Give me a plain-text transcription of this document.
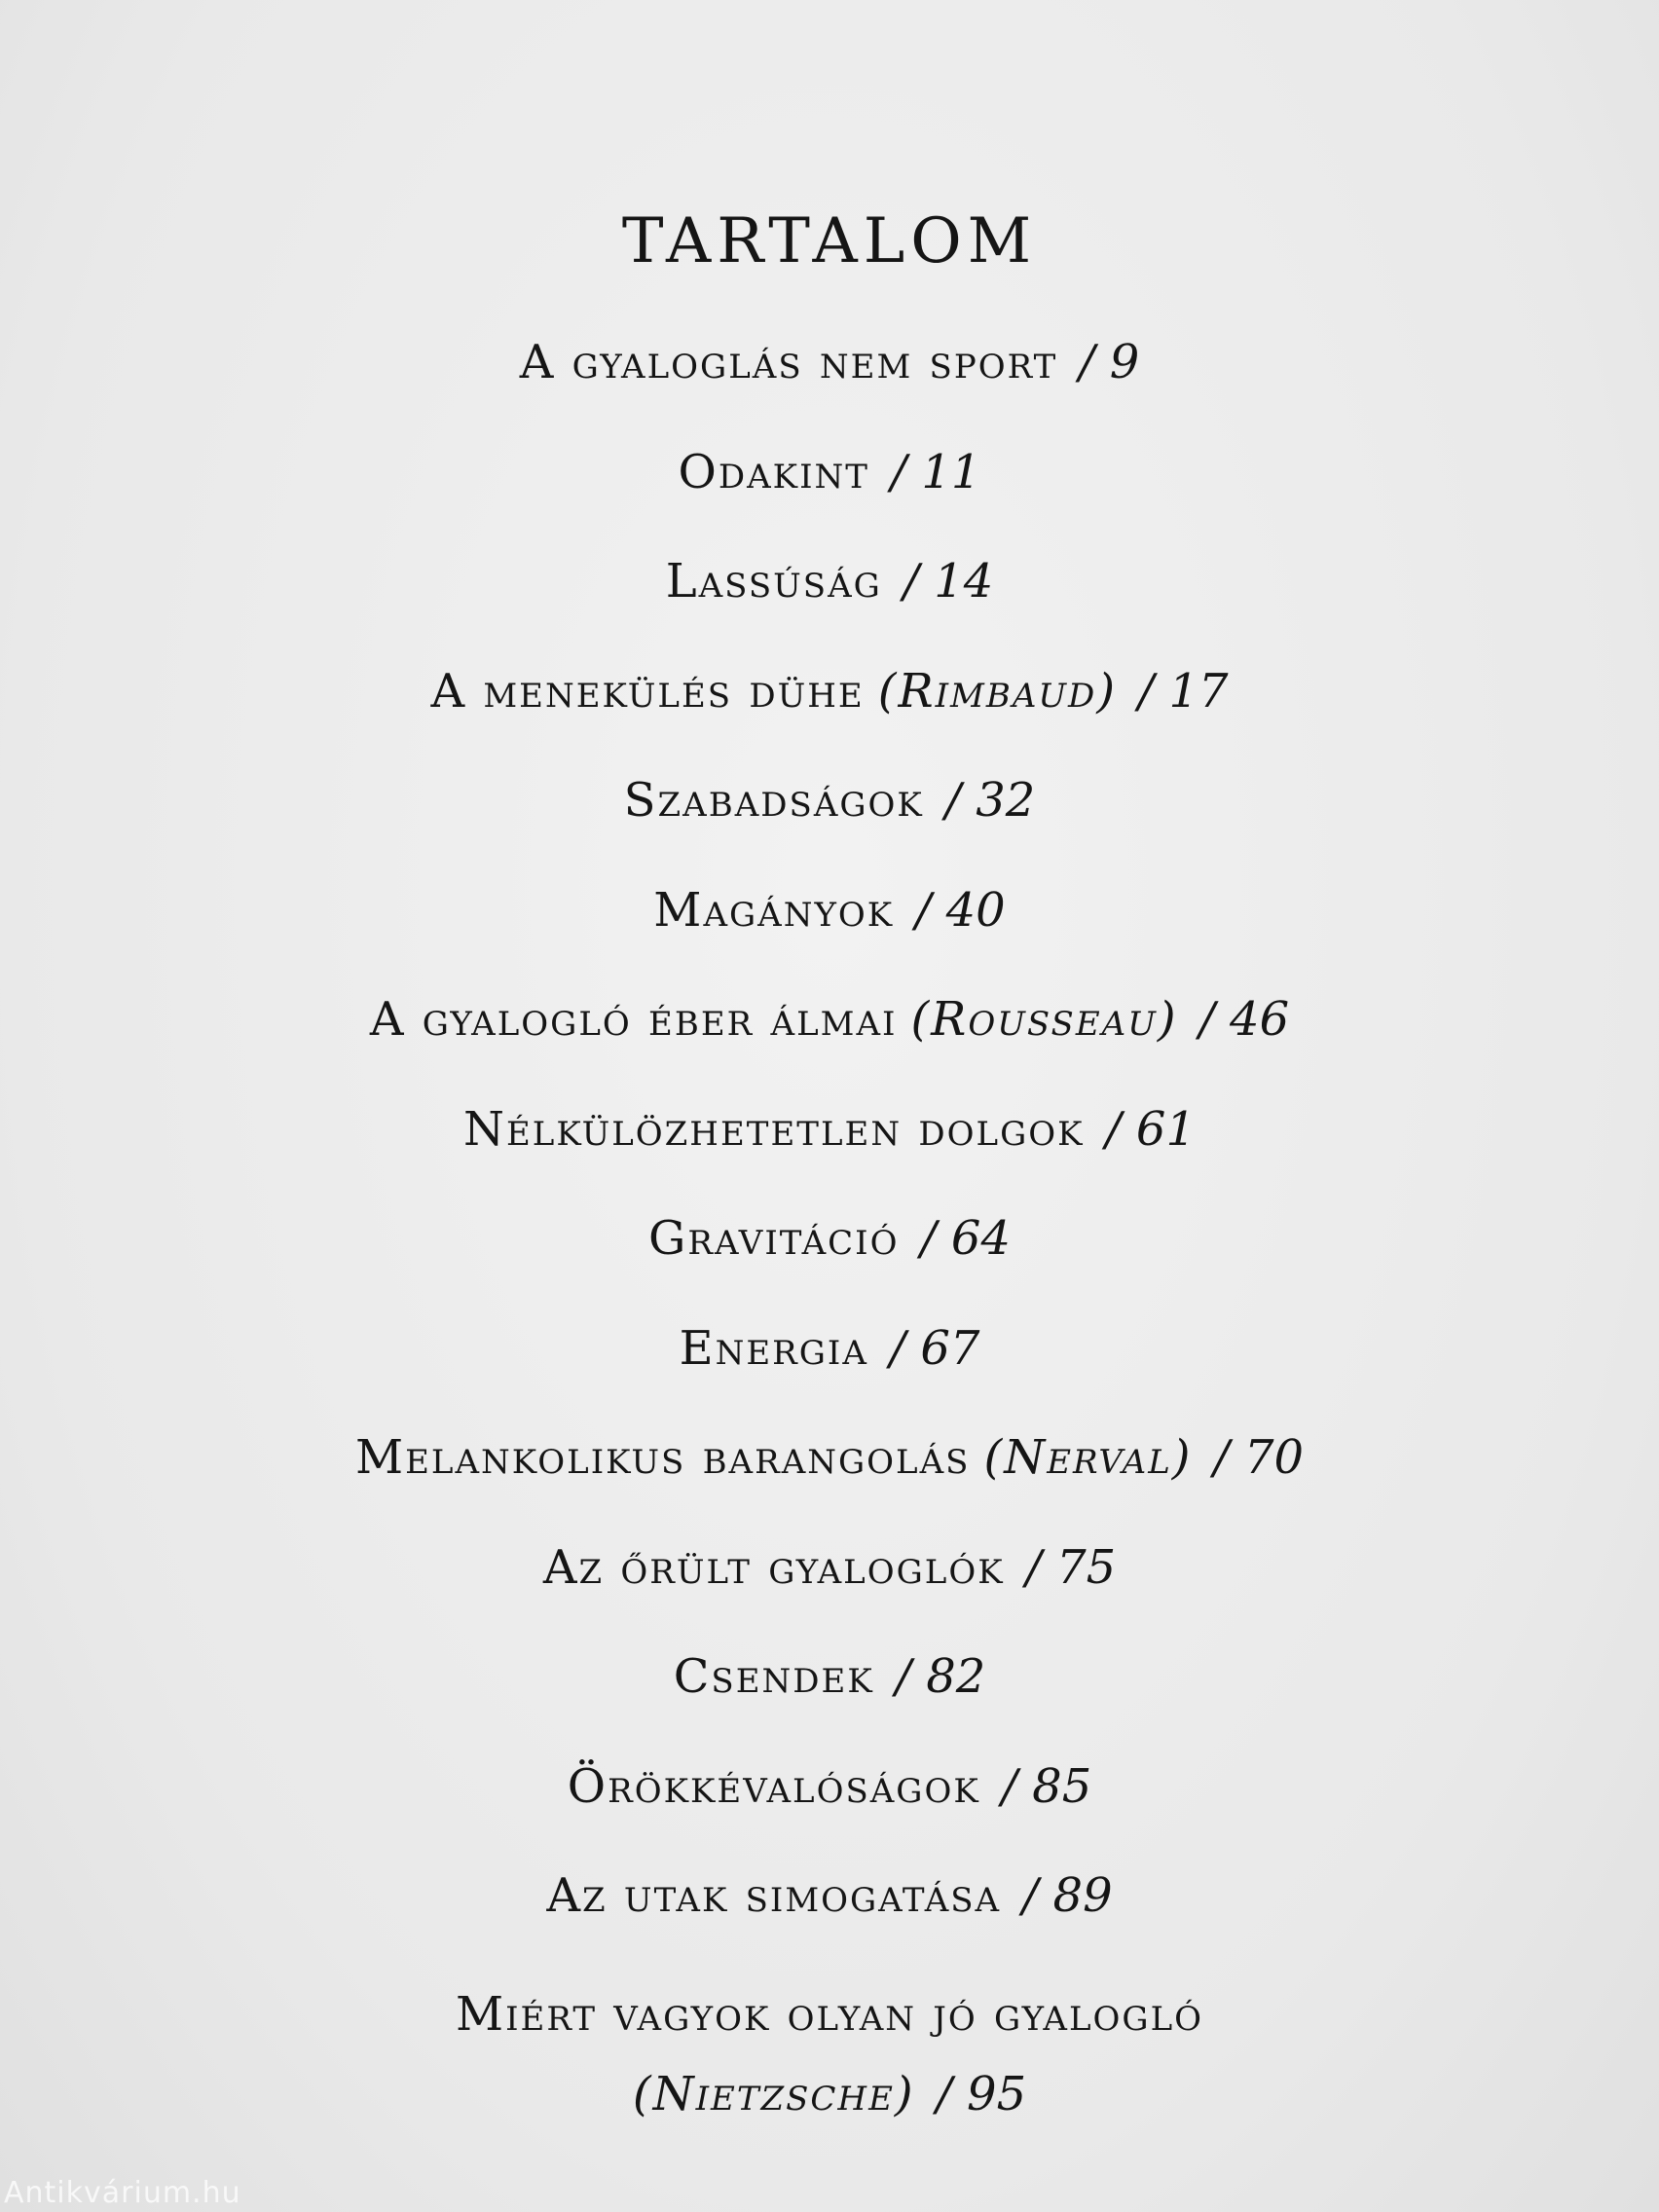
TARTALOM
A gyaloglás nem sport / 9
Odakint / 11
Lassúság / 14
A menekülés dühe (Rimbaud) / 17
Szabadságok / 32
Magányok / 40
A gyalogló éber álmai (Rousseau) / 46
Nélkülözhetetlen dolgok / 61
Gravitáció / 64
Energia / 67
Melankolikus barangolás (Nerval) / 70
Az őrült gyaloglók / 75
Csendek / 82
Örökkévalóságok / 85
Az utak simogatása / 89
Miért vagyok olyan jó gyalogló
(Nietzsche) / 95
Antikvárium.hu
